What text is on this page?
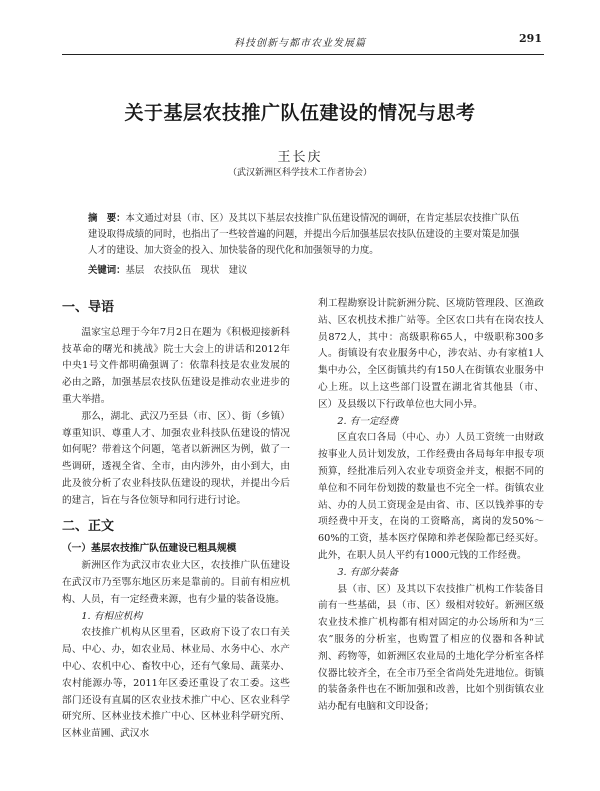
科技创新与都市农业发展篇	291
关于基层农技推广队伍建设的情况与思考
王长庆
（武汉新洲区科学技术工作者协会）
摘　要：本文通过对县（市、区）及其以下基层农技推广队伍建设情况的调研，在肯定基层农技推广队伍建设取得成绩的同时，也指出了一些较普遍的问题，并提出今后加强基层农技队伍建设的主要对策是加强人才的建设、加大资金的投入、加快装备的现代化和加强领导的力度。
关键词：基层　农技队伍　现状　建议
一、导语

温家宝总理于今年7月2日在题为《积极迎接新科技革命的曙光和挑战》院士大会上的讲话和2012年中央1号文件都明确强调了：依靠科技是农业发展的必由之路，加强基层农技队伍建设是推动农业进步的重大举措。

那么，湖北、武汉乃至县（市、区）、街（乡镇）尊重知识、尊重人才、加强农业科技队伍建设的情况如何呢？带着这个问题，笔者以新洲区为例，做了一些调研，透视全省、全市，由内涉外，由小到大，由此及彼分析了农业科技队伍建设的现状，并提出今后的建言，旨在与各位领导和同行进行讨论。

二、正文
（一）基层农技推广队伍建设已粗具规模

新洲区作为武汉市农业大区，农技推广队伍建设在武汉市乃至鄂东地区历来是靠前的。目前有相应机构、人员，有一定经费来源，也有少量的装备设施。

1. 有相应机构

农技推广机构从区里看，区政府下设了农口有关局、中心、办，如农业局、林业局、水务中心、水产中心、农机中心、畜牧中心，还有气象局、蔬菜办、农村能源办等，2011年区委还重设了农工委。这些部门还设有直属的区农业技术推广中心、区农业科学研究所、区林业技术推广中心、区林业科学研究所、区林业苗圃、武汉水

利工程勘察设计院新洲分院、区境防管理段、区渔政站、区农机技术推广站等。全区农口共有在岗农技人员872人，其中：高级职称65人，中级职称300多人。街镇设有农业服务中心，涉农站、办有家植1人集中办公，全区街镇共约有150人在街镇农业服务中心上班。以上这些部门设置在湖北省其他县（市、区）及县级以下行政单位也大同小异。

2. 有一定经费

区直农口各局（中心、办）人员工资统一由财政按事业人员计划发放，工作经费由各局每年申报专项预算，经批准后列入农业专项资金并支，根据不同的单位和不同年份划拨的数量也不完全一样。街镇农业站、办的人员工资现金是由省、市、区以钱养事的专项经费中开支，在岗的工资略高，离岗的发50%～60%的工资，基本医疗保障和养老保险都已经买好。此外，在职人员人平约有1000元钱的工作经费。

3. 有部分装备

县（市、区）及其以下农技推广机构工作装备目前有一些基础，县（市、区）级相对较好。新洲区级农业技术推广机构都有相对固定的办公场所和为“三农”服务的分析室，也购置了相应的仪器和各种试剂、药物等，如新洲区农业局的土地化学分析室各样仪器比较齐全，在全市乃至全省尚处先进地位。街镇的装备条件也在不断加强和改善，比如个别街镇农业站办配有电脑和文印设备；
